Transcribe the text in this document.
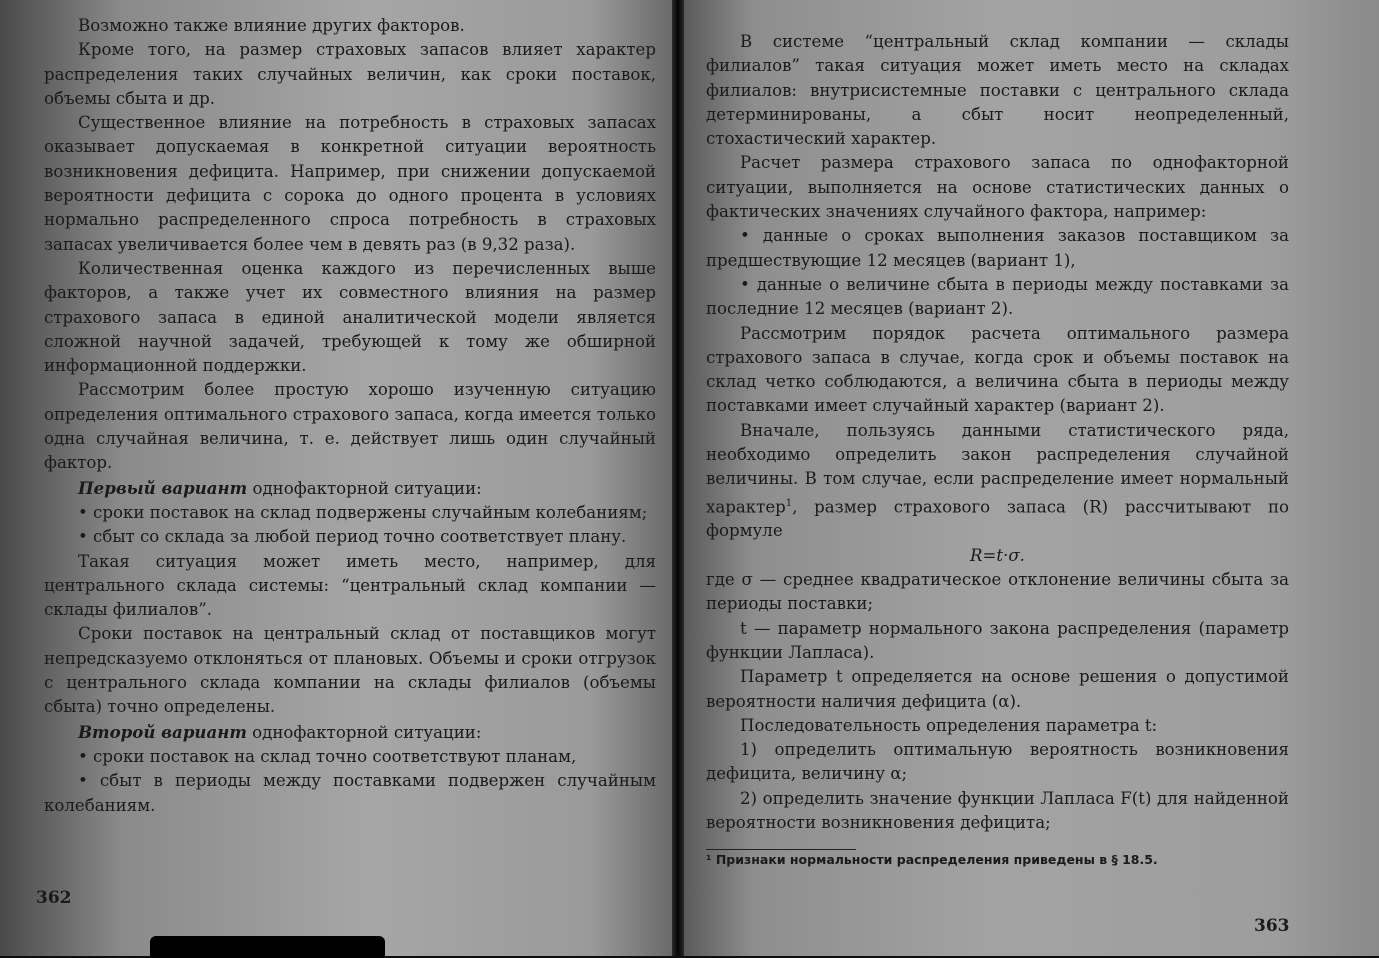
Возможно также влияние других факторов.

Кроме того, на размер страховых запасов влияет характер распределения таких случайных величин, как сроки поставок, объемы сбыта и др.

Существенное влияние на потребность в страховых запасах оказывает допускаемая в конкретной ситуации вероятность возникновения дефицита. Например, при снижении допускаемой вероятности дефицита с сорока до одного процента в условиях нормально распределенного спроса потребность в страховых запасах увеличивается более чем в девять раз (в 9,32 раза).

Количественная оценка каждого из перечисленных выше факторов, а также учет их совместного влияния на размер страхового запаса в единой аналитической модели является сложной научной задачей, требующей к тому же обширной информационной поддержки.

Рассмотрим более простую хорошо изученную ситуацию определения оптимального страхового запаса, когда имеется только одна случайная величина, т. е. действует лишь один случайный фактор.

Первый вариант однофакторной ситуации:

• сроки поставок на склад подвержены случайным колебаниям;

• сбыт со склада за любой период точно соответствует плану.

Такая ситуация может иметь место, например, для центрального склада системы: “центральный склад компании — склады филиалов”.

Сроки поставок на центральный склад от поставщиков могут непредсказуемо отклоняться от плановых. Объемы и сроки отгрузок с центрального склада компании на склады филиалов (объемы сбыта) точно определены.

Второй вариант однофакторной ситуации:

• сроки поставок на склад точно соответствуют планам,

• сбыт в периоды между поставками подвержен случайным колебаниям.

362

В системе “центральный склад компании — склады филиалов” такая ситуация может иметь место на складах филиалов: внутрисистемные поставки с центрального склада детерминированы, а сбыт носит неопределенный, стохастический характер.

Расчет размера страхового запаса по однофакторной ситуации, выполняется на основе статистических данных о фактических значениях случайного фактора, например:

• данные о сроках выполнения заказов поставщиком за предшествующие 12 месяцев (вариант 1),

• данные о величине сбыта в периоды между поставками за последние 12 месяцев (вариант 2).

Рассмотрим порядок расчета оптимального размера страхового запаса в случае, когда срок и объемы поставок на склад четко соблюдаются, а величина сбыта в периоды между поставками имеет случайный характер (вариант 2).

Вначале, пользуясь данными статистического ряда, необходимо определить закон распределения случайной величины. В том случае, если распределение имеет нормальный характер$^1$, размер страхового запаса (R) рассчитывают по формуле

R=t·σ.

где σ — среднее квадратическое отклонение величины сбыта за периоды поставки;

t — параметр нормального закона распределения (параметр функции Лапласа).

Параметр t определяется на основе решения о допустимой вероятности наличия дефицита (α).

Последовательность определения параметра t:

1) определить оптимальную вероятность возникновения дефицита, величину α;

2) определить значение функции Лапласа F(t) для найденной вероятности возникновения дефицита;

¹ Признаки нормальности распределения приведены в § 18.5.
363
